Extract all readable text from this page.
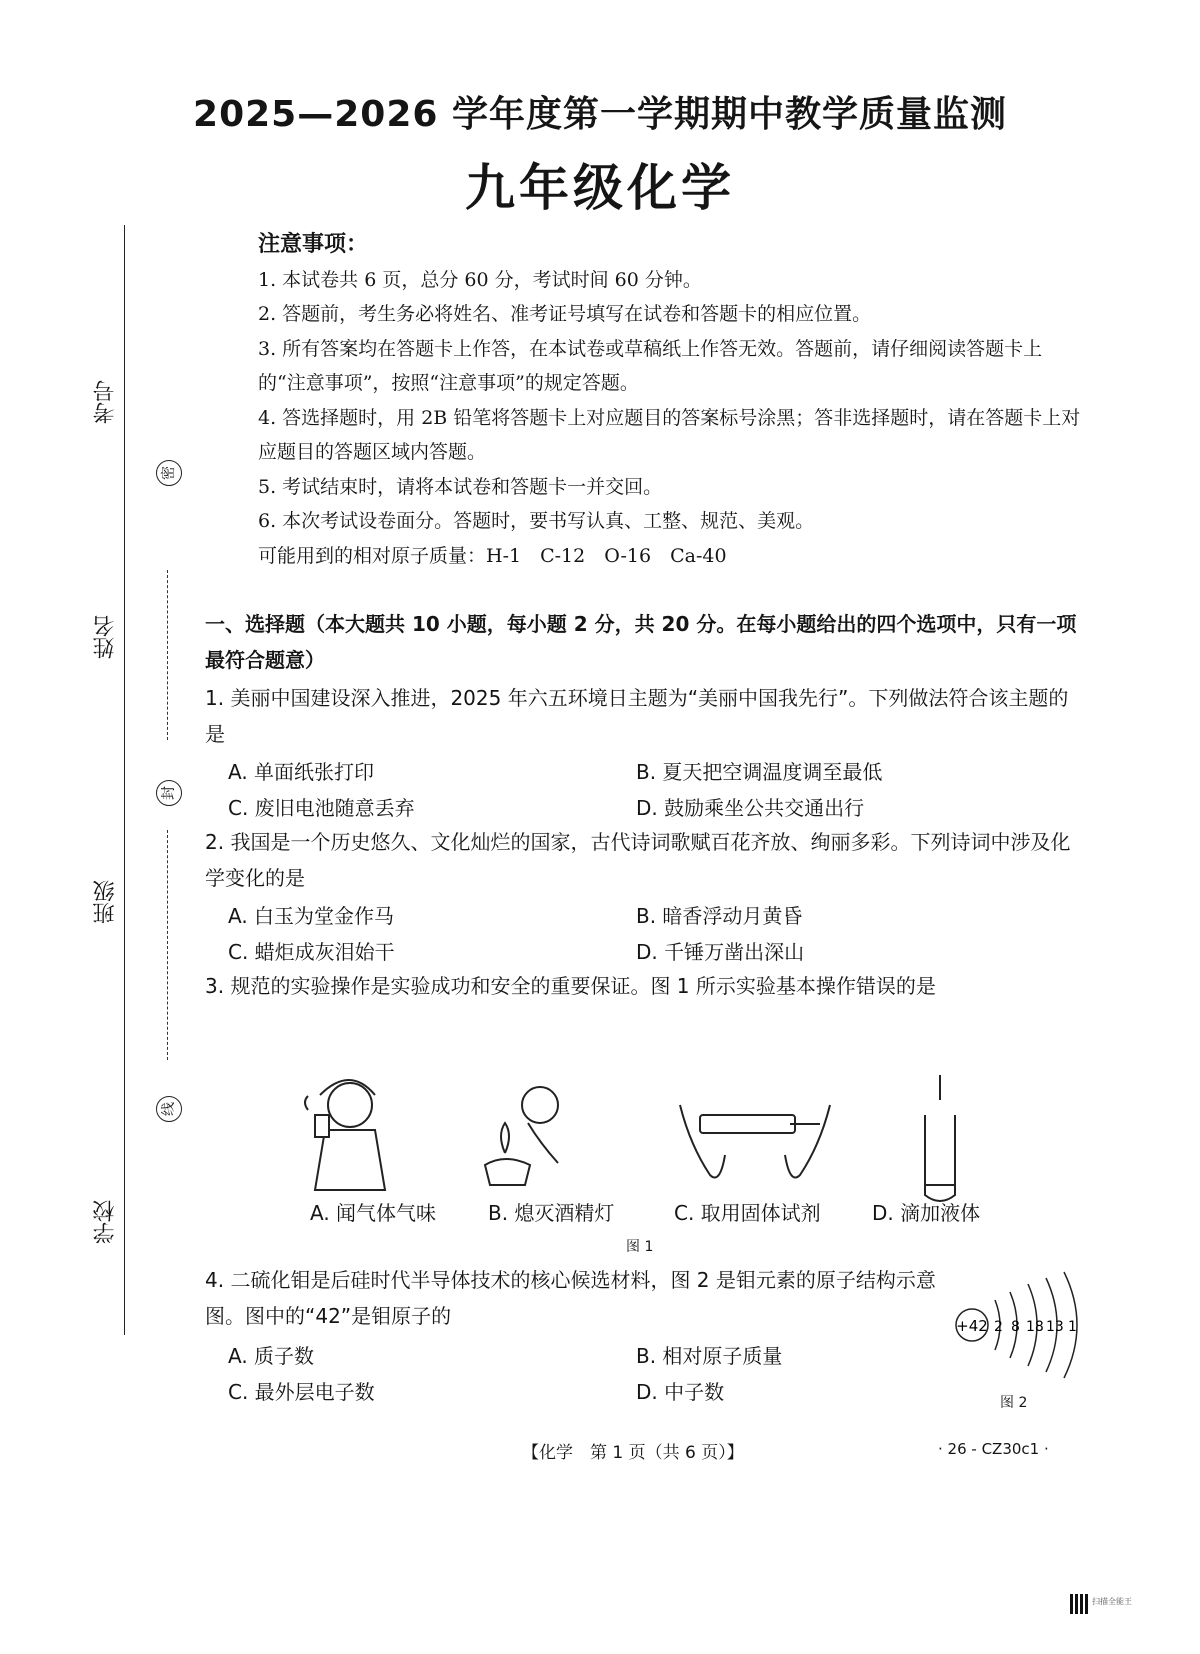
2025—2026 学年度第一学期期中教学质量监测
九年级化学
考号
姓名
班级
学校
密
封
线
注意事项：
1. 本试卷共 6 页，总分 60 分，考试时间 60 分钟。
2. 答题前，考生务必将姓名、准考证号填写在试卷和答题卡的相应位置。
3. 所有答案均在答题卡上作答，在本试卷或草稿纸上作答无效。答题前，请仔细阅读答题卡上的“注意事项”，按照“注意事项”的规定答题。
4. 答选择题时，用 2B 铅笔将答题卡上对应题目的答案标号涂黑；答非选择题时，请在答题卡上对应题目的答题区域内答题。
5. 考试结束时，请将本试卷和答题卡一并交回。
6. 本次考试设卷面分。答题时，要书写认真、工整、规范、美观。
可能用到的相对原子质量：H-1　C-12　O-16　Ca-40
一、选择题（本大题共 10 小题，每小题 2 分，共 20 分。在每小题给出的四个选项中，只有一项最符合题意）
1. 美丽中国建设深入推进，2025 年六五环境日主题为“美丽中国我先行”。下列做法符合该主题的是
A. 单面纸张打印	B. 夏天把空调温度调至最低
C. 废旧电池随意丢弃	D. 鼓励乘坐公共交通出行
2. 我国是一个历史悠久、文化灿烂的国家，古代诗词歌赋百花齐放、绚丽多彩。下列诗词中涉及化学变化的是
A. 白玉为堂金作马	B. 暗香浮动月黄昏
C. 蜡炬成灰泪始干	D. 千锤万凿出深山
3. 规范的实验操作是实验成功和安全的重要保证。图 1 所示实验基本操作错误的是
A. 闻气体气味	B. 熄灭酒精灯	C. 取用固体试剂	D. 滴加液体
图 1
4. 二硫化钼是后硅时代半导体技术的核心候选材料，图 2 是钼元素的原子结构示意图。图中的“42”是钼原子的
A. 质子数	B. 相对原子质量
C. 最外层电子数	D. 中子数
+42 2 8 18 13 1
图 2
【化学　第 1 页（共 6 页）】	· 26 - CZ30c1 ·
扫描全能王
